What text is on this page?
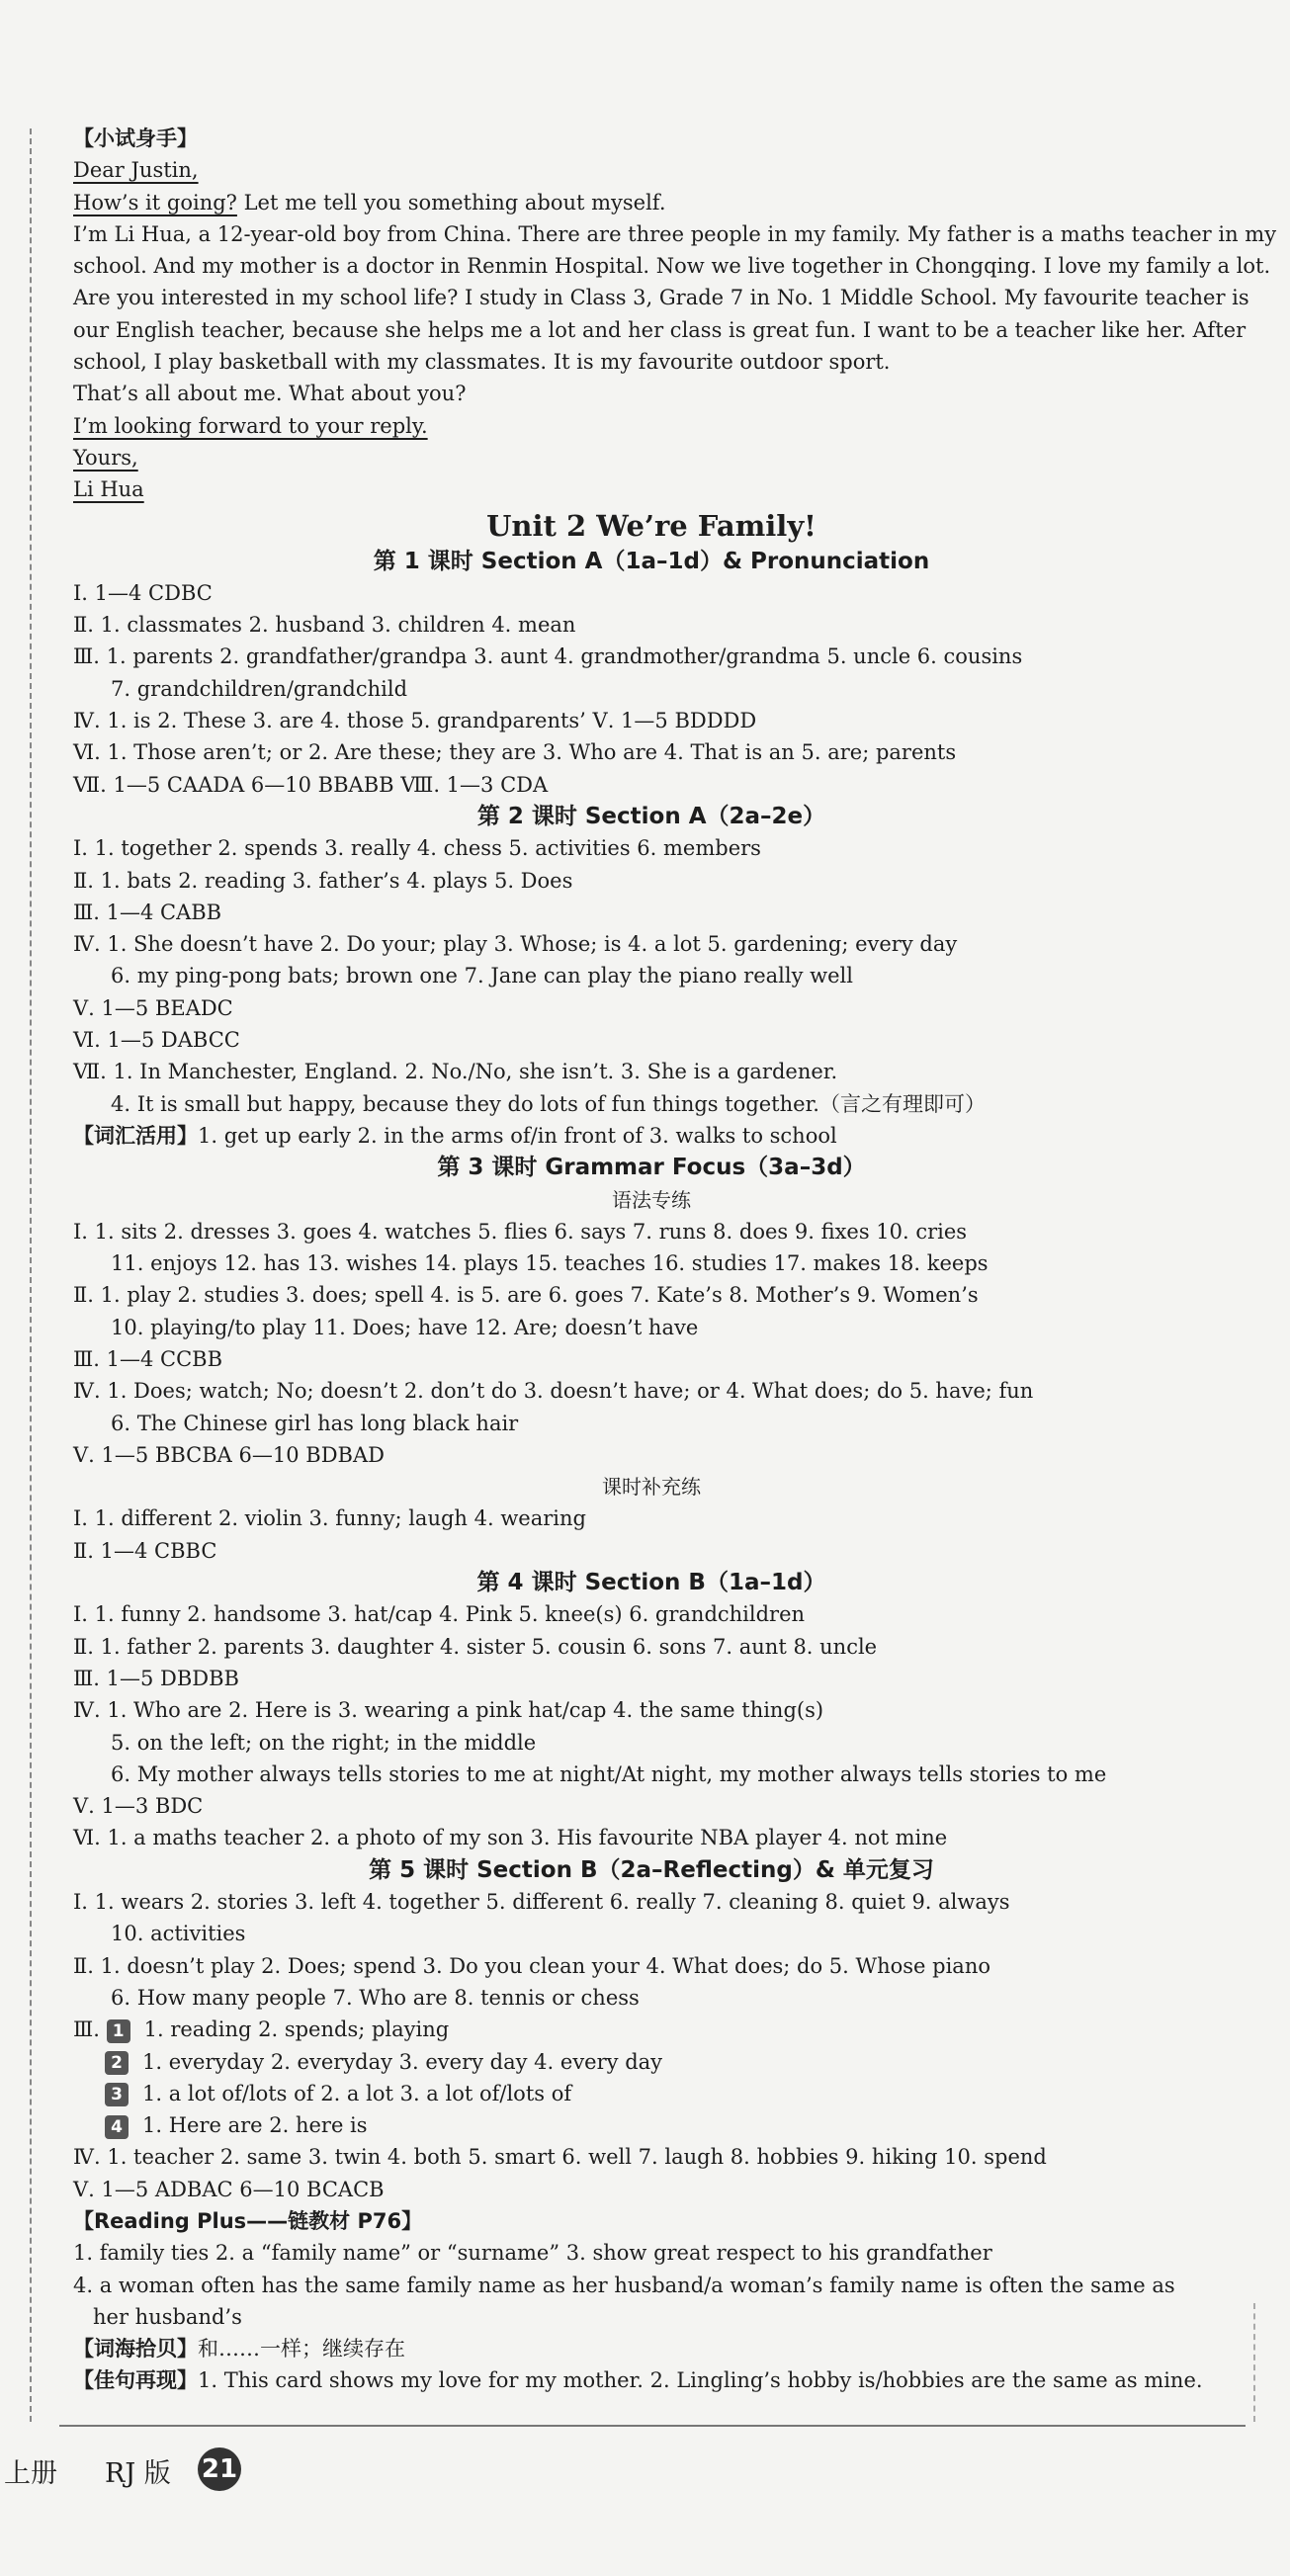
【小试身手】
Dear Justin,
How’s it going? Let me tell you something about myself.
I’m Li Hua, a 12-year-old boy from China. There are three people in my family. My father is a maths teacher in my
school. And my mother is a doctor in Renmin Hospital. Now we live together in Chongqing. I love my family a lot.
Are you interested in my school life? I study in Class 3, Grade 7 in No. 1 Middle School. My favourite teacher is
our English teacher, because she helps me a lot and her class is great fun. I want to be a teacher like her. After
school, I play basketball with my classmates. It is my favourite outdoor sport.
That’s all about me. What about you?
I’m looking forward to your reply.
Yours,
Li Hua
Unit 2 We’re Family!
第 1 课时 Section A（1a–1d）& Pronunciation
Ⅰ. 1—4 CDBC
Ⅱ. 1. classmates 2. husband 3. children 4. mean
Ⅲ. 1. parents 2. grandfather/grandpa 3. aunt 4. grandmother/grandma 5. uncle 6. cousins
7. grandchildren/grandchild
Ⅳ. 1. is 2. These 3. are 4. those 5. grandparents’ Ⅴ. 1—5 BDDDD
Ⅵ. 1. Those aren’t; or 2. Are these; they are 3. Who are 4. That is an 5. are; parents
Ⅶ. 1—5 CAADA 6—10 BBABB Ⅷ. 1—3 CDA
第 2 课时 Section A（2a–2e）
Ⅰ. 1. together 2. spends 3. really 4. chess 5. activities 6. members
Ⅱ. 1. bats 2. reading 3. father’s 4. plays 5. Does
Ⅲ. 1—4 CABB
Ⅳ. 1. She doesn’t have 2. Do your; play 3. Whose; is 4. a lot 5. gardening; every day
6. my ping-pong bats; brown one 7. Jane can play the piano really well
Ⅴ. 1—5 BEADC
Ⅵ. 1—5 DABCC
Ⅶ. 1. In Manchester, England. 2. No./No, she isn’t. 3. She is a gardener.
4. It is small but happy, because they do lots of fun things together.（言之有理即可）
【词汇活用】1. get up early 2. in the arms of/in front of 3. walks to school
第 3 课时 Grammar Focus（3a–3d）
语法专练
Ⅰ. 1. sits 2. dresses 3. goes 4. watches 5. flies 6. says 7. runs 8. does 9. fixes 10. cries
11. enjoys 12. has 13. wishes 14. plays 15. teaches 16. studies 17. makes 18. keeps
Ⅱ. 1. play 2. studies 3. does; spell 4. is 5. are 6. goes 7. Kate’s 8. Mother’s 9. Women’s
10. playing/to play 11. Does; have 12. Are; doesn’t have
Ⅲ. 1—4 CCBB
Ⅳ. 1. Does; watch; No; doesn’t 2. don’t do 3. doesn’t have; or 4. What does; do 5. have; fun
6. The Chinese girl has long black hair
Ⅴ. 1—5 BBCBA 6—10 BDBAD
课时补充练
Ⅰ. 1. different 2. violin 3. funny; laugh 4. wearing
Ⅱ. 1—4 CBBC
第 4 课时 Section B（1a–1d）
Ⅰ. 1. funny 2. handsome 3. hat/cap 4. Pink 5. knee(s) 6. grandchildren
Ⅱ. 1. father 2. parents 3. daughter 4. sister 5. cousin 6. sons 7. aunt 8. uncle
Ⅲ. 1—5 DBDBB
Ⅳ. 1. Who are 2. Here is 3. wearing a pink hat/cap 4. the same thing(s)
5. on the left; on the right; in the middle
6. My mother always tells stories to me at night/At night, my mother always tells stories to me
Ⅴ. 1—3 BDC
Ⅵ. 1. a maths teacher 2. a photo of my son 3. His favourite NBA player 4. not mine
第 5 课时 Section B（2a–Reflecting）& 单元复习
Ⅰ. 1. wears 2. stories 3. left 4. together 5. different 6. really 7. cleaning 8. quiet 9. always
10. activities
Ⅱ. 1. doesn’t play 2. Does; spend 3. Do you clean your 4. What does; do 5. Whose piano
6. How many people 7. Who are 8. tennis or chess
Ⅲ. 1 1. reading 2. spends; playing
2 1. everyday 2. everyday 3. every day 4. every day
3 1. a lot of/lots of 2. a lot 3. a lot of/lots of
4 1. Here are 2. here is
Ⅳ. 1. teacher 2. same 3. twin 4. both 5. smart 6. well 7. laugh 8. hobbies 9. hiking 10. spend
Ⅴ. 1—5 ADBAC 6—10 BCACB
【Reading Plus——链教材 P76】
1. family ties 2. a “family name” or “surname” 3. show great respect to his grandfather
4. a woman often has the same family name as her husband/a woman’s family name is often the same as
her husband’s
【词海拾贝】和……一样；继续存在
【佳句再现】1. This card shows my love for my mother. 2. Lingling’s hobby is/hobbies are the same as mine.
上册 RJ 版 21
